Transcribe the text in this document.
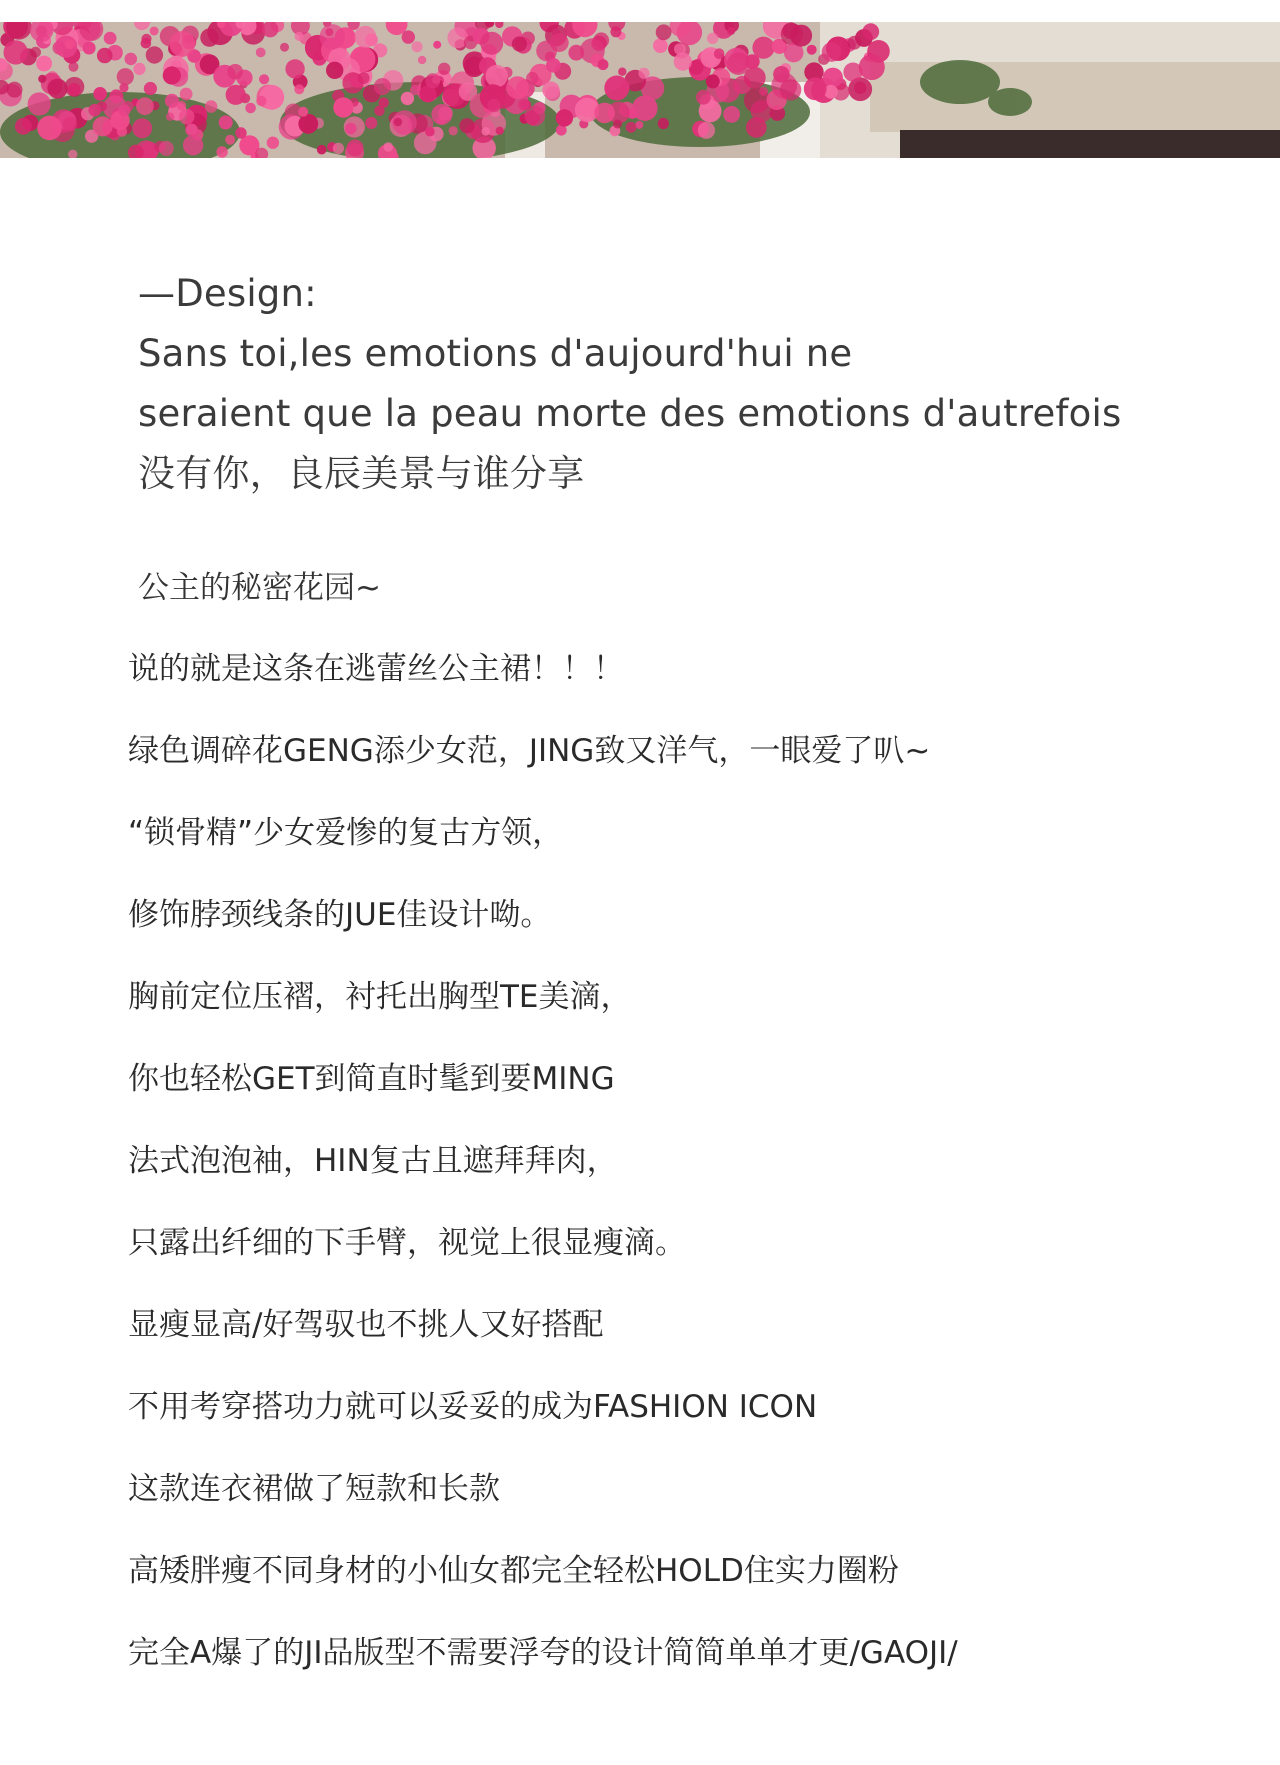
—Design:
Sans toi,les emotions d'aujourd'hui ne
seraient que la peau morte des emotions d'autrefois
没有你，良辰美景与谁分享
公主的秘密花园~
说的就是这条在逃蕾丝公主裙！！！
绿色调碎花GENG添少女范，JING致又洋气，一眼爱了叭~
“锁骨精”少女爱惨的复古方领，
修饰脖颈线条的JUE佳设计呦。
胸前定位压褶，衬托出胸型TE美滴，
你也轻松GET到简直时髦到要MING
法式泡泡袖，HIN复古且遮拜拜肉，
只露出纤细的下手臂，视觉上很显瘦滴。
显瘦显高/好驾驭也不挑人又好搭配
不用考穿搭功力就可以妥妥的成为FASHION ICON
这款连衣裙做了短款和长款
高矮胖瘦不同身材的小仙女都完全轻松HOLD住实力圈粉
完全A爆了的JI品版型不需要浮夸的设计简简单单才更/GAOJI/
